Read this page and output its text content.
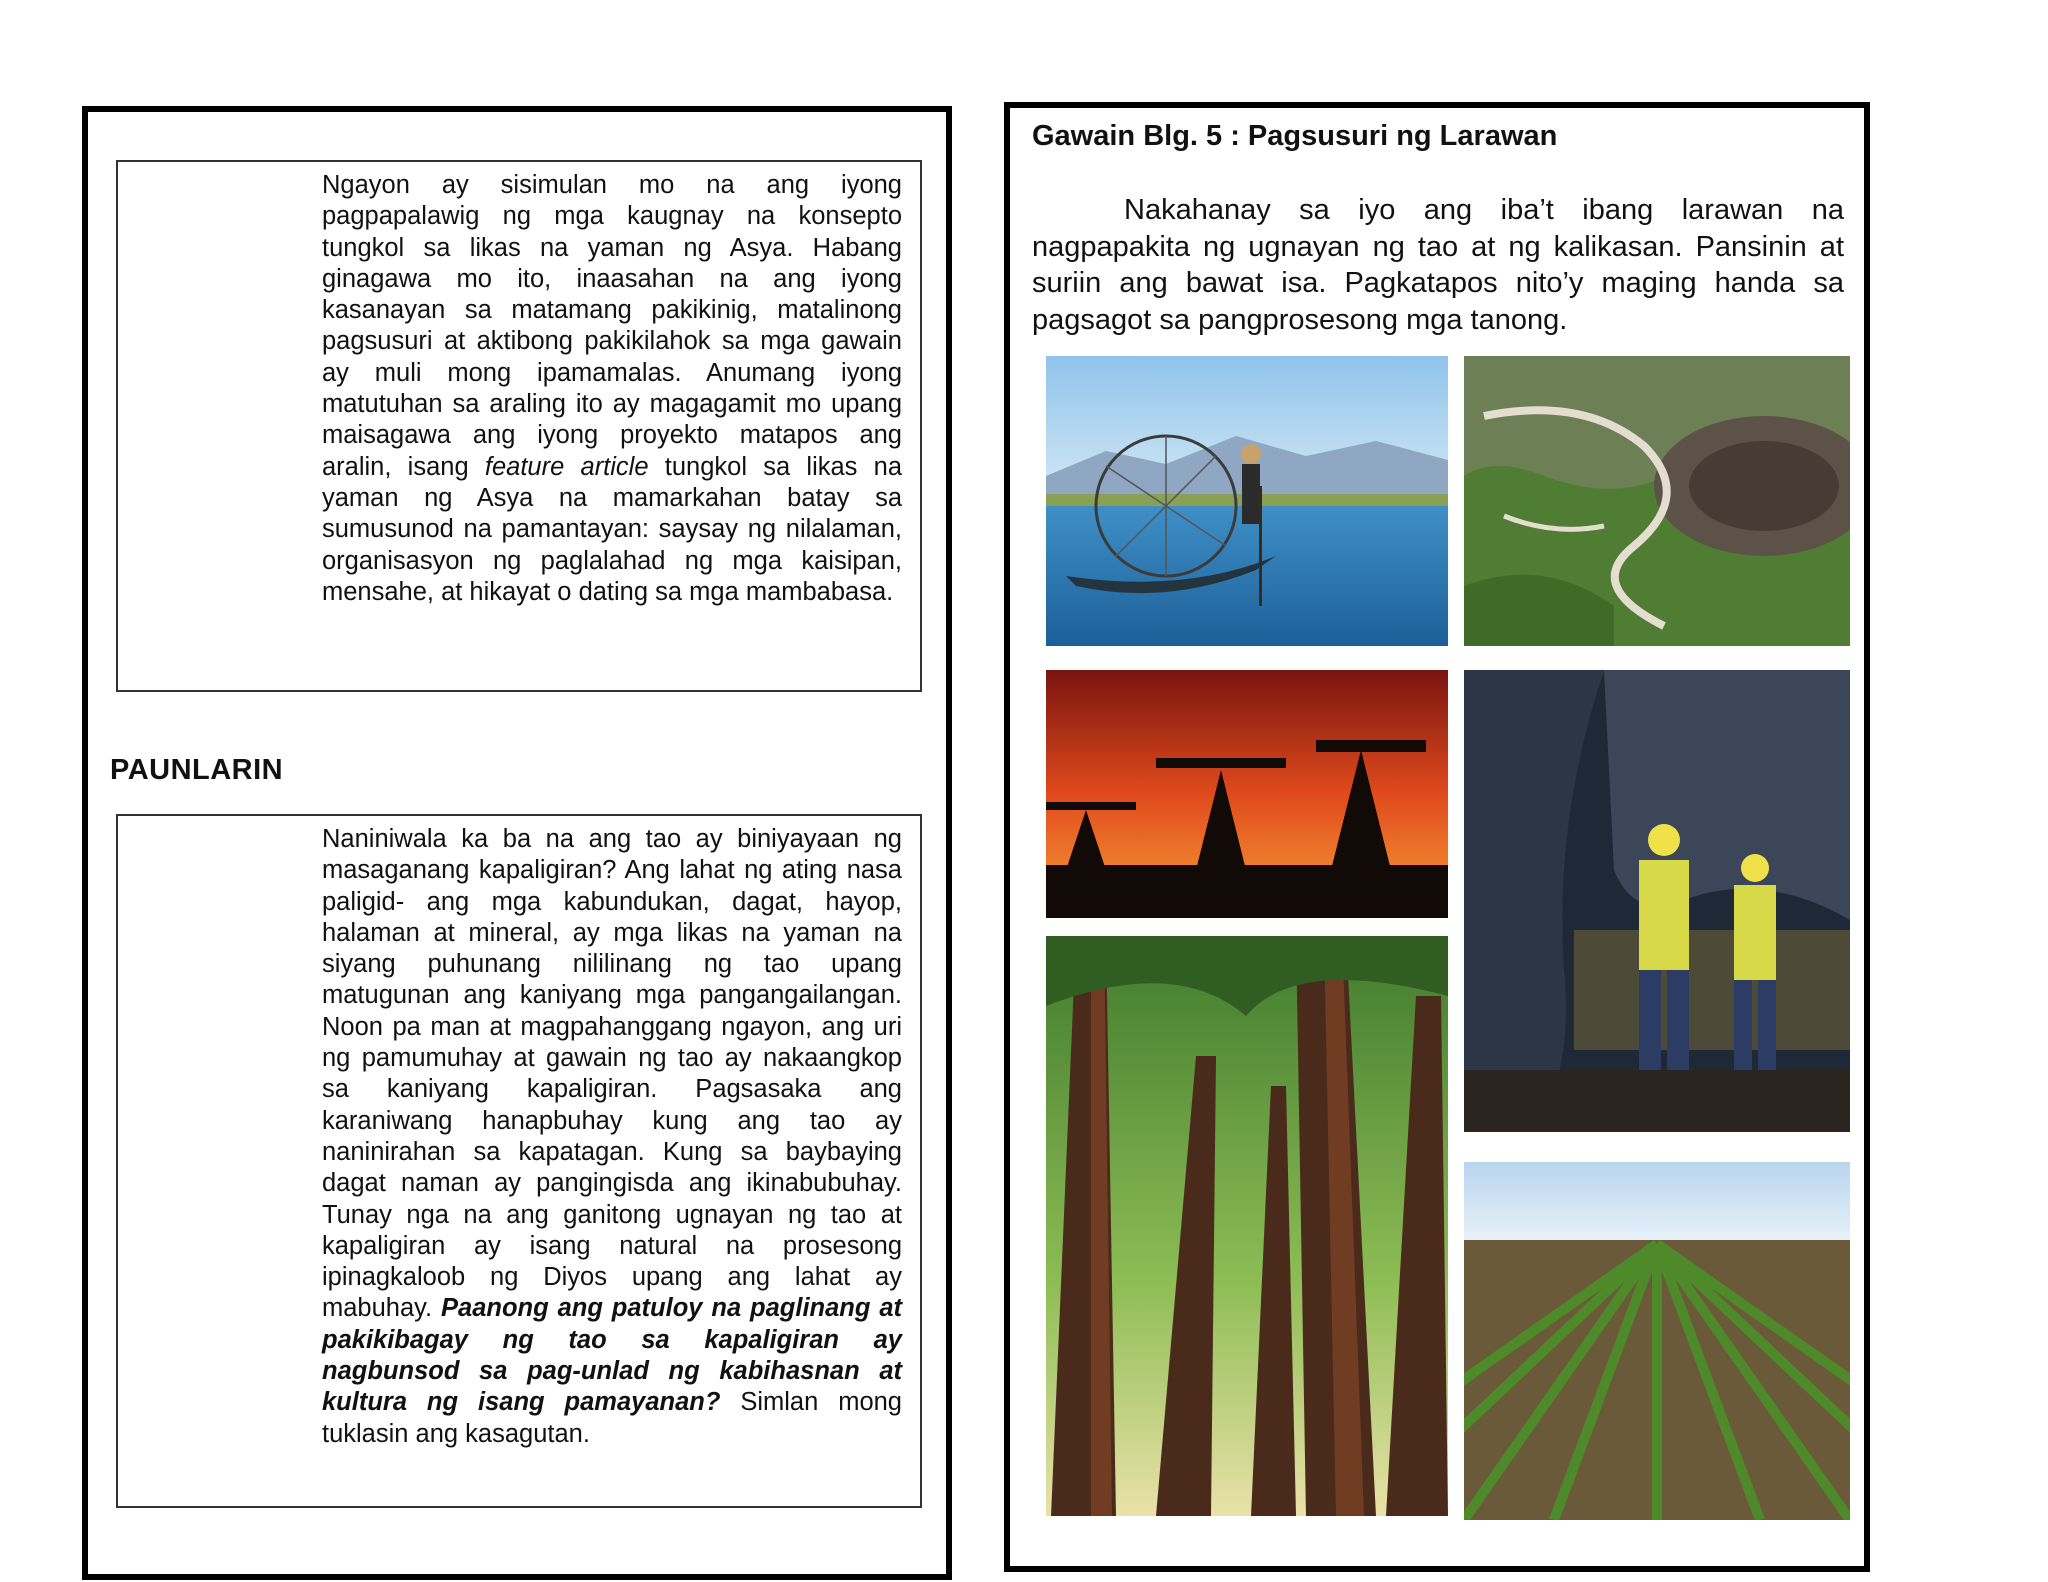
Ngayon ay sisimulan mo na ang iyong pagpapalawig ng mga kaugnay na konsepto tungkol sa likas na yaman ng Asya. Habang ginagawa mo ito, inaasahan na ang iyong kasanayan sa matamang pakikinig, matalinong pagsusuri at aktibong pakikilahok sa mga gawain ay muli mong ipamamalas. Anumang iyong matutuhan sa araling ito ay magagamit mo upang maisagawa ang iyong proyekto matapos ang aralin, isang feature article tungkol sa likas na yaman ng Asya na mamarkahan batay sa sumusunod na pamantayan: saysay ng nilalaman, organisasyon ng paglalahad ng mga kaisipan, mensahe, at hikayat o dating sa mga mambabasa.
PAUNLARIN
Naniniwala ka ba na ang tao ay biniyayaan ng masaganang kapaligiran? Ang lahat ng ating nasa paligid- ang mga kabundukan, dagat, hayop, halaman at mineral, ay mga likas na yaman na siyang puhunang nililinang ng tao upang matugunan ang kaniyang mga pangangailangan. Noon pa man at magpahanggang ngayon, ang uri ng pamumuhay at gawain ng tao ay nakaangkop sa kaniyang kapaligiran. Pagsasaka ang karaniwang hanapbuhay kung ang tao ay naninirahan sa kapatagan. Kung sa baybaying dagat naman ay pangingisda ang ikinabubuhay. Tunay nga na ang ganitong ugnayan ng tao at kapaligiran ay isang natural na prosesong ipinagkaloob ng Diyos upang ang lahat ay mabuhay. Paanong ang patuloy na paglinang at pakikibagay ng tao sa kapaligiran ay nagbunsod sa pag-unlad ng kabihasnan at kultura ng isang pamayanan? Simlan mong tuklasin ang kasagutan.
Gawain Blg. 5 : Pagsusuri ng Larawan
Nakahanay sa iyo ang iba’t ibang larawan na nagpapakita ng ugnayan ng tao at ng kalikasan. Pansinin at suriin ang bawat isa. Pagkatapos nito’y maging handa sa pagsagot sa pangprosesong mga tanong.
